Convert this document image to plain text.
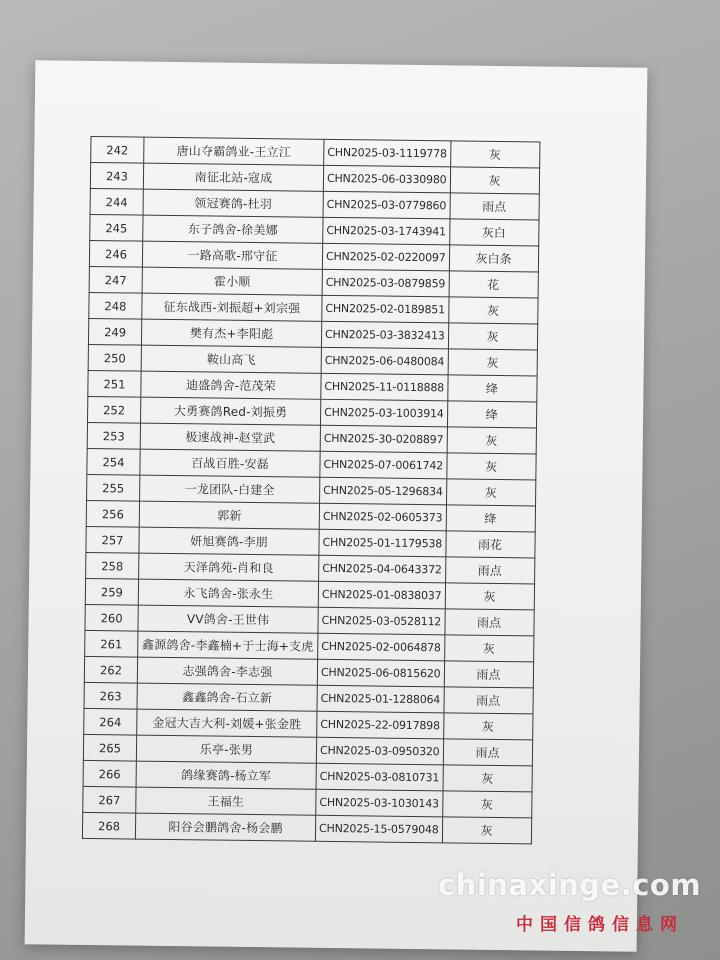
242	唐山夺霸鸽业-王立江	CHN2025-03-1119778	灰
243	南征北站-寇成	CHN2025-06-0330980	灰
244	领冠赛鸽-杜羽	CHN2025-03-0779860	雨点
245	东子鸽舍-徐美娜	CHN2025-03-1743941	灰白
246	一路高歌-邢守征	CHN2025-02-0220097	灰白条
247	霍小顺	CHN2025-03-0879859	花
248	征东战西-刘振超+刘宗强	CHN2025-02-0189851	灰
249	樊有杰+李阳彪	CHN2025-03-3832413	灰
250	鞍山高飞	CHN2025-06-0480084	灰
251	迪盛鸽舍-范茂荣	CHN2025-11-0118888	绛
252	大勇赛鸽Red-刘振勇	CHN2025-03-1003914	绛
253	极速战神-赵堂武	CHN2025-30-0208897	灰
254	百战百胜-安磊	CHN2025-07-0061742	灰
255	一龙团队-白建全	CHN2025-05-1296834	灰
256	郭新	CHN2025-02-0605373	绛
257	妍旭赛鸽-李朋	CHN2025-01-1179538	雨花
258	天泽鸽苑-肖和良	CHN2025-04-0643372	雨点
259	永飞鸽舍-张永生	CHN2025-01-0838037	灰
260	VV鸽舍-王世伟	CHN2025-03-0528112	雨点
261	鑫源鸽舍-李鑫楠+于士海+支虎	CHN2025-02-0064878	灰
262	志强鸽舍-李志强	CHN2025-06-0815620	雨点
263	鑫鑫鸽舍-石立新	CHN2025-01-1288064	雨点
264	金冠大吉大利-刘媛+张金胜	CHN2025-22-0917898	灰
265	乐亭-张男	CHN2025-03-0950320	雨点
266	鸽缘赛鸽-杨立军	CHN2025-03-0810731	灰
267	王福生	CHN2025-03-1030143	灰
268	阳谷会鹏鸽舍-杨会鹏	CHN2025-15-0579048	灰
chinaxinge.com
中国信鸽信息网
